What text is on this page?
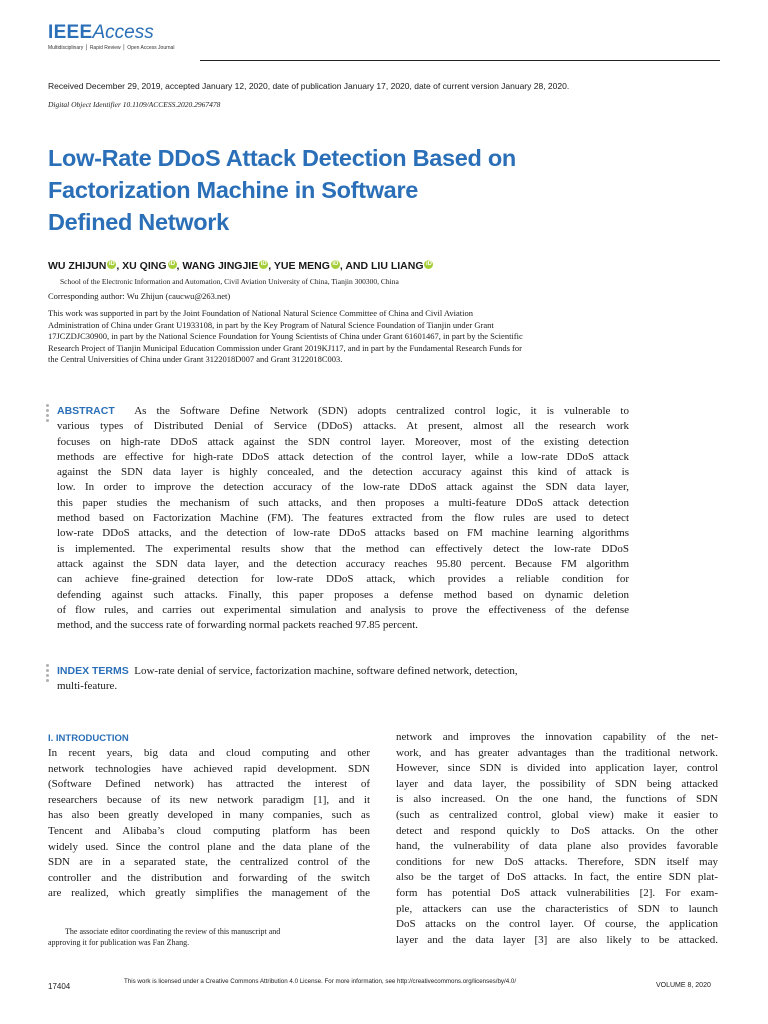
IEEEAccess
Multidisciplinary ⎪ Rapid Review ⎪ Open Access Journal
Received December 29, 2019, accepted January 12, 2020, date of publication January 17, 2020, date of current version January 28, 2020.
Digital Object Identifier 10.1109/ACCESS.2020.2967478
Low-Rate DDoS Attack Detection Based on
Factorization Machine in Software
Defined Network
WU ZHIJUN iD , XU QING iD , WANG JINGJIE iD , YUE MENG iD , AND LIU LIANG iD
School of the Electronic Information and Automation, Civil Aviation University of China, Tianjin 300300, China
Corresponding author: Wu Zhijun (caucwu@263.net)
This work was supported in part by the Joint Foundation of National Natural Science Committee of China and Civil Aviation
Administration of China under Grant U1933108, in part by the Key Program of Natural Science Foundation of Tianjin under Grant
17JCZDJC30900, in part by the National Science Foundation for Young Scientists of China under Grant 61601467, in part by the Scientific
Research Project of Tianjin Municipal Education Commission under Grant 2019KJ117, and in part by the Fundamental Research Funds for
the Central Universities of China under Grant 3122018D007 and Grant 3122018C003.
ABSTRACT As the Software Define Network (SDN) adopts centralized control logic, it is vulnerable to
various types of Distributed Denial of Service (DDoS) attacks. At present, almost all the research work
focuses on high-rate DDoS attack against the SDN control layer. Moreover, most of the existing detection
methods are effective for high-rate DDoS attack detection of the control layer, while a low-rate DDoS attack
against the SDN data layer is highly concealed, and the detection accuracy against this kind of attack is
low. In order to improve the detection accuracy of the low-rate DDoS attack against the SDN data layer,
this paper studies the mechanism of such attacks, and then proposes a multi-feature DDoS attack detection
method based on Factorization Machine (FM). The features extracted from the flow rules are used to detect
low-rate DDoS attacks, and the detection of low-rate DDoS attacks based on FM machine learning algorithms
is implemented. The experimental results show that the method can effectively detect the low-rate DDoS
attack against the SDN data layer, and the detection accuracy reaches 95.80 percent. Because FM algorithm
can achieve fine-grained detection for low-rate DDoS attack, which provides a reliable condition for
defending against such attacks. Finally, this paper proposes a defense method based on dynamic deletion
of flow rules, and carries out experimental simulation and analysis to prove the effectiveness of the defense
method, and the success rate of forwarding normal packets reached 97.85 percent.
INDEX TERMS Low-rate denial of service, factorization machine, software defined network, detection,
multi-feature.
I. INTRODUCTION
In recent years, big data and cloud computing and other
network technologies have achieved rapid development. SDN
(Software Defined network) has attracted the interest of
researchers because of its new network paradigm [1], and it
has also been greatly developed in many companies, such as
Tencent and Alibaba’s cloud computing platform has been
widely used. Since the control plane and the data plane of the
SDN are in a separated state, the centralized control of the
controller and the distribution and forwarding of the switch
are realized, which greatly simplifies the management of the
network and improves the innovation capability of the net-
work, and has greater advantages than the traditional network.
However, since SDN is divided into application layer, control
layer and data layer, the possibility of SDN being attacked
is also increased. On the one hand, the functions of SDN
(such as centralized control, global view) make it easier to
detect and respond quickly to DoS attacks. On the other
hand, the vulnerability of data plane also provides favorable
conditions for new DoS attacks. Therefore, SDN itself may
also be the target of DoS attacks. In fact, the entire SDN plat-
form has potential DoS attack vulnerabilities [2]. For exam-
ple, attackers can use the characteristics of SDN to launch
DoS attacks on the control layer. Of course, the application
layer and the data layer [3] are also likely to be attacked.
The associate editor coordinating the review of this manuscript and
approving it for publication was Fan Zhang.
17404
This work is licensed under a Creative Commons Attribution 4.0 License. For more information, see http://creativecommons.org/licenses/by/4.0/
VOLUME 8, 2020
